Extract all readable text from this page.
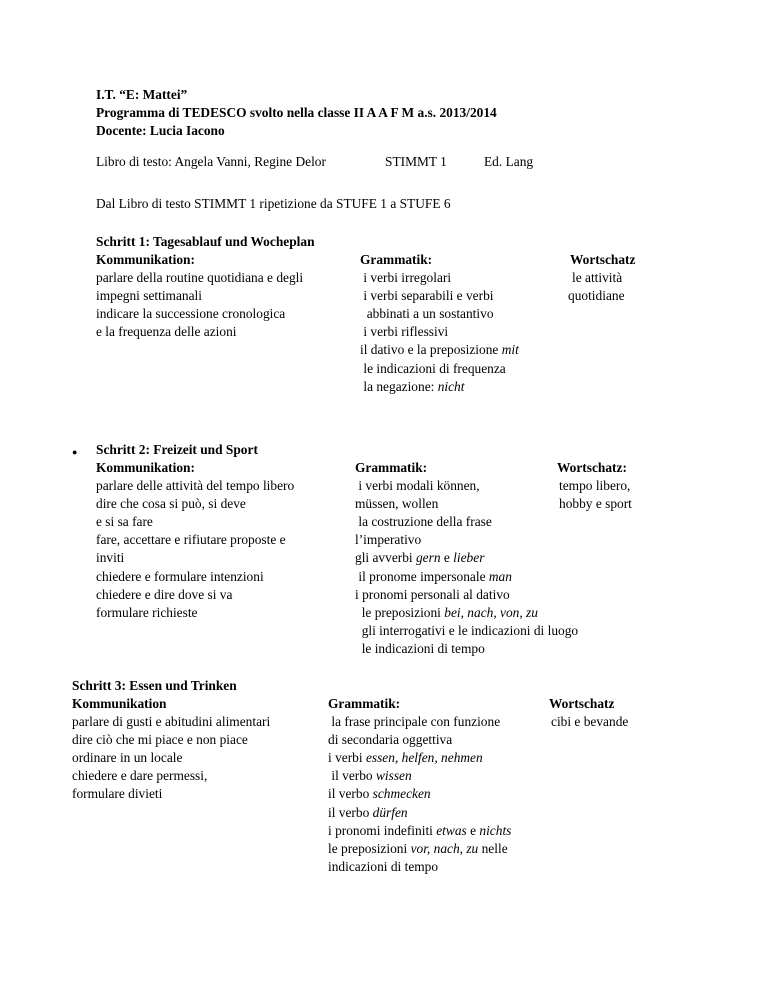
I.T. “E: Mattei”
Programma di TEDESCO svolto nella classe II A A F M a.s. 2013/2014
Docente: Lucia Iacono
Libro di testo: Angela Vanni, Regine Delor	STIMMT 1	Ed. Lang
Dal Libro di testo STIMMT 1 ripetizione da STUFE 1 a STUFE 6
Schritt 1: Tagesablauf und Wocheplan
Kommunikation:
parlare della routine quotidiana e degli
impegni settimanali
indicare la successione cronologica
e la frequenza delle azioni
Grammatik:
i verbi irregolari
i verbi separabili e verbi
abbinati a un sostantivo
i verbi riflessivi
il dativo e la preposizione mit
le indicazioni di frequenza
la negazione: nicht
Wortschatz
le attività
quotidiane
● Schritt 2: Freizeit und Sport
Kommunikation:
parlare delle attività del tempo libero
dire che cosa si può, si deve
e si sa fare
fare, accettare e rifiutare proposte e
inviti
chiedere e formulare intenzioni
chiedere e dire dove si va
formulare richieste
Grammatik:
i verbi modali können,
müssen, wollen
la costruzione della frase
l’imperativo
gli avverbi gern e lieber
il pronome impersonale man
i pronomi personali al dativo
le preposizioni bei, nach, von, zu
gli interrogativi e le indicazioni di luogo
le indicazioni di tempo
Wortschatz:
tempo libero,
hobby e sport
Schritt 3: Essen und Trinken
Kommunikation
parlare di gusti e abitudini alimentari
dire ciò che mi piace e non piace
ordinare in un locale
chiedere e dare permessi,
formulare divieti
Grammatik:
la frase principale con funzione
di secondaria oggettiva
i verbi essen, helfen, nehmen
il verbo wissen
il verbo schmecken
il verbo dürfen
i pronomi indefiniti etwas e nichts
le preposizioni vor, nach, zu nelle
indicazioni di tempo
Wortschatz
cibi e bevande
